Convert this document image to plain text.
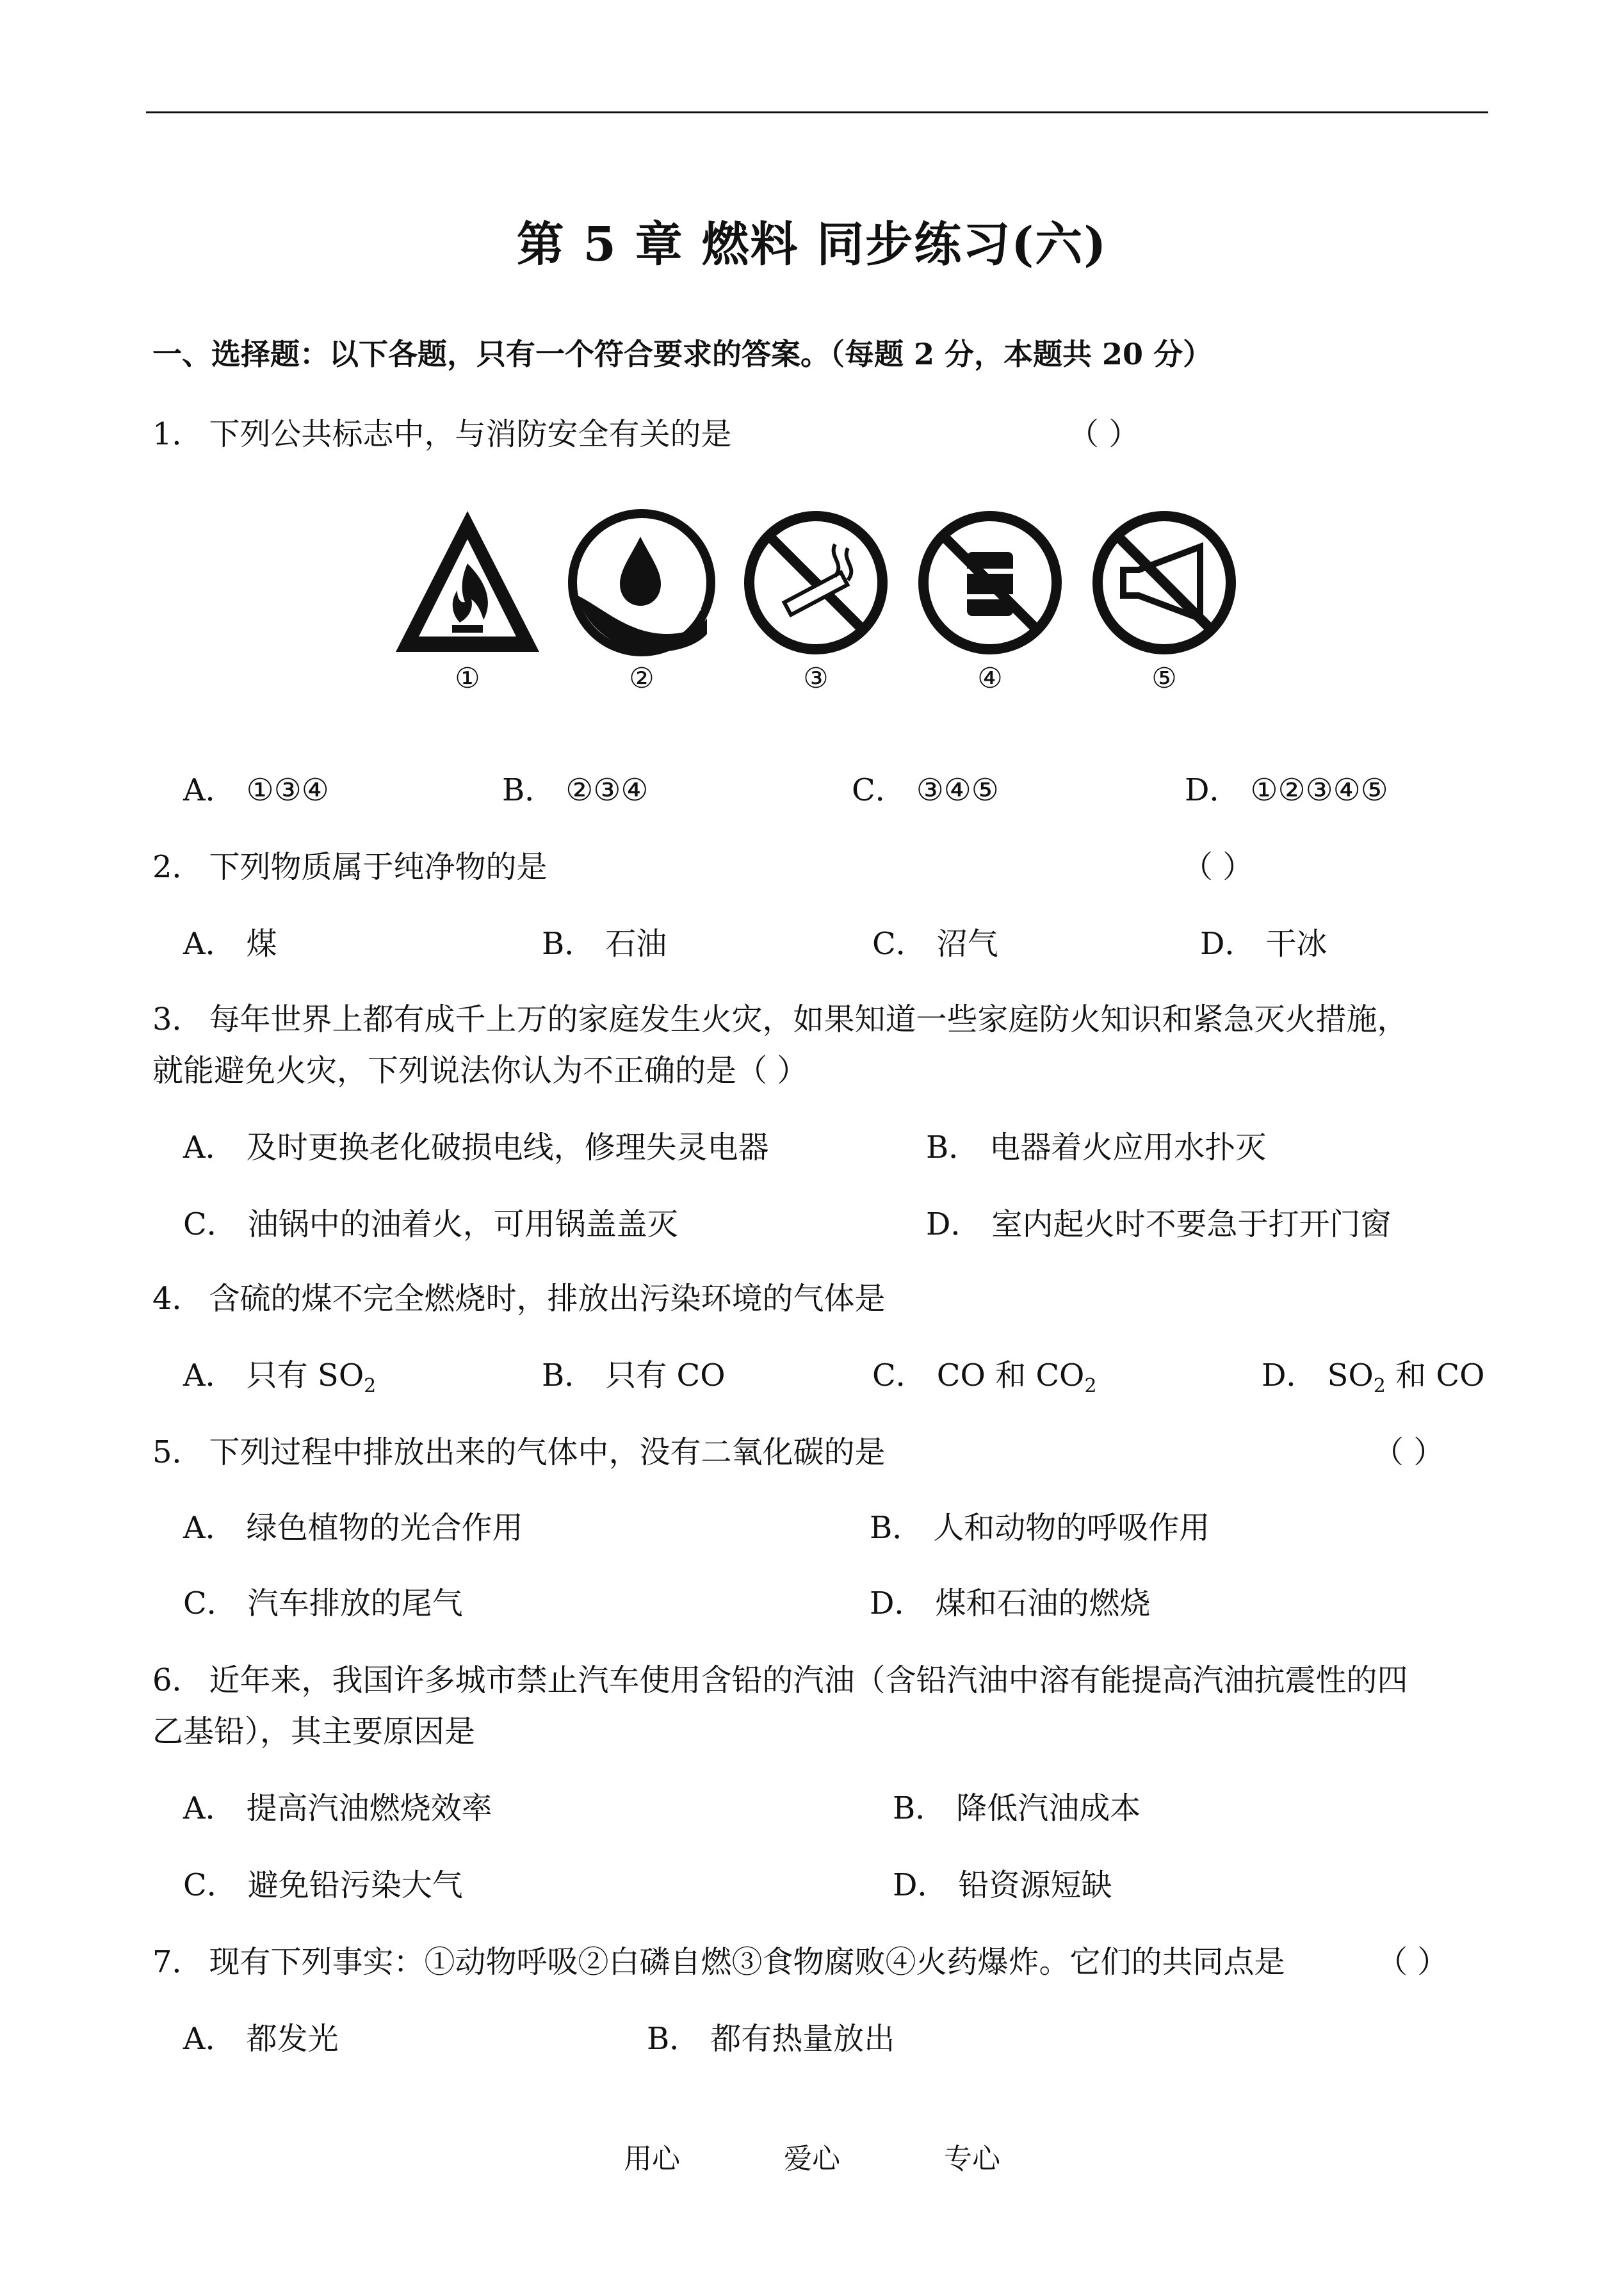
第 5 章 燃料 同步练习(六)
一、选择题：以下各题，只有一个符合要求的答案。（每题 2 分，本题共 20 分）
1． 下列公共标志中，与消防安全有关的是	（ ）
①	②	③	④	⑤
A． ①③④	B． ②③④	C． ③④⑤	D． ①②③④⑤
2． 下列物质属于纯净物的是	（ ）
A． 煤	B． 石油	C． 沼气	D． 干冰
3． 每年世界上都有成千上万的家庭发生火灾，如果知道一些家庭防火知识和紧急灭火措施，
就能避免火灾，下列说法你认为不正确的是（ ）
A． 及时更换老化破损电线，修理失灵电器	B． 电器着火应用水扑灭
C． 油锅中的油着火，可用锅盖盖灭	D． 室内起火时不要急于打开门窗
4． 含硫的煤不完全燃烧时，排放出污染环境的气体是
A． 只有 $SO_2$	B． 只有 CO	C． CO 和 $CO_2$	D． $SO_2$ 和 CO
5． 下列过程中排放出来的气体中，没有二氧化碳的是	（ ）
A． 绿色植物的光合作用	B． 人和动物的呼吸作用
C． 汽车排放的尾气	D． 煤和石油的燃烧
6． 近年来，我国许多城市禁止汽车使用含铅的汽油（含铅汽油中溶有能提高汽油抗震性的四
乙基铅），其主要原因是
A． 提高汽油燃烧效率	B． 降低汽油成本
C． 避免铅污染大气	D． 铅资源短缺
7． 现有下列事实：①动物呼吸②白磷自燃③食物腐败④火药爆炸。它们的共同点是	（ ）
A． 都发光	B． 都有热量放出
用心   爱心   专心
